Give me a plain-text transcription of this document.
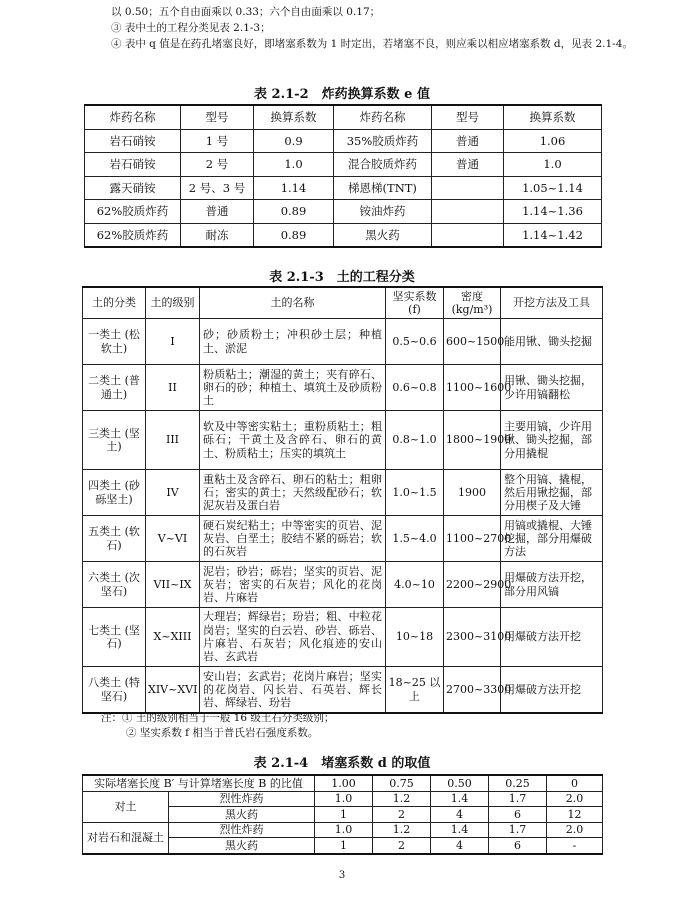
以 0.50；五个自由面乘以 0.33；六个自由面乘以 0.17；
③ 表中土的工程分类见表 2.1-3；
④ 表中 q 值是在药孔堵塞良好，即堵塞系数为 1 时定出，若堵塞不良，则应乘以相应堵塞系数 d，见表 2.1-4。
表 2.1-2　炸药换算系数 e 值
炸药名称	型号	换算系数	炸药名称	型号	换算系数
岩石硝铵	1 号	0.9	35%胶质炸药	普通	1.06
岩石硝铵	2 号	1.0	混合胶质炸药	普通	1.0
露天硝铵	2 号、3 号	1.14	梯恩梯(TNT)		1.05~1.14
62%胶质炸药	普通	0.89	铵油炸药		1.14~1.36
62%胶质炸药	耐冻	0.89	黑火药		1.14~1.42
表 2.1-3　土的工程分类
土的分类	土的级别	土的名称	坚实系数 (f)	密度 (kg/m³)	开挖方法及工具
一类土 (松软土)	I	砂；砂质粉土；冲积砂土层；种植土、淤泥	0.5~0.6	600~1500	能用锹、锄头挖掘
二类土 (普通土)	II	粉质粘土；潮湿的黄土；夹有碎石、卵石的砂；种植土、填筑土及砂质粉土	0.6~0.8	1100~1600	用锹、锄头挖掘，少许用镐翻松
三类土 (坚土)	III	软及中等密实粘土；重粉质粘土；粗砾石；干黄土及含碎石、卵石的黄土、粉质粘土；压实的填筑土	0.8~1.0	1800~1900	主要用镐，少许用锹、锄头挖掘，部分用撬棍
四类土 (砂砾坚土)	IV	重粘土及含碎石、卵石的粘土；粗卵石；密实的黄土；天然级配砂石；软泥灰岩及蛋白岩	1.0~1.5	1900	整个用镐、撬棍，然后用锹挖掘，部分用楔子及大锤
五类土 (软石)	V~VI	硬石炭纪粘土；中等密实的页岩、泥灰岩、白垩土；胶结不紧的砾岩；软的石灰岩	1.5~4.0	1100~2700	用镐或撬棍、大锤挖掘，部分用爆破方法
六类土 (次坚石)	VII~IX	泥岩；砂岩；砾岩；坚实的页岩、泥灰岩；密实的石灰岩；风化的花岗岩、片麻岩	4.0~10	2200~2900	用爆破方法开挖，部分用风镐
七类土 (坚石)	X~XIII	大理岩；辉绿岩；玢岩；粗、中粒花岗岩；坚实的白云岩、砂岩、砾岩、片麻岩、石灰岩；风化痕迹的安山岩、玄武岩	10~18	2300~3100	用爆破方法开挖
八类土 (特坚石)	XIV~XVI	安山岩；玄武岩；花岗片麻岩；坚实的花岗岩、闪长岩、石英岩、辉长岩、辉绿岩、玢岩	18~25 以上	2700~3300	用爆破方法开挖
注：① 土的级别相当于一般 16 级土石分类级别；
② 坚实系数 f 相当于普氏岩石强度系数。
表 2.1-4　堵塞系数 d 的取值
实际堵塞长度 B′ 与计算堵塞长度 B 的比值		1.00	0.75	0.50	0.25	0
对土	烈性炸药	1.0	1.2	1.4	1.7	2.0
	黑火药	1	2	4	6	12
对岩石和混凝土	烈性炸药	1.0	1.2	1.4	1.7	2.0
	黑火药	1	2	4	6	-
3
